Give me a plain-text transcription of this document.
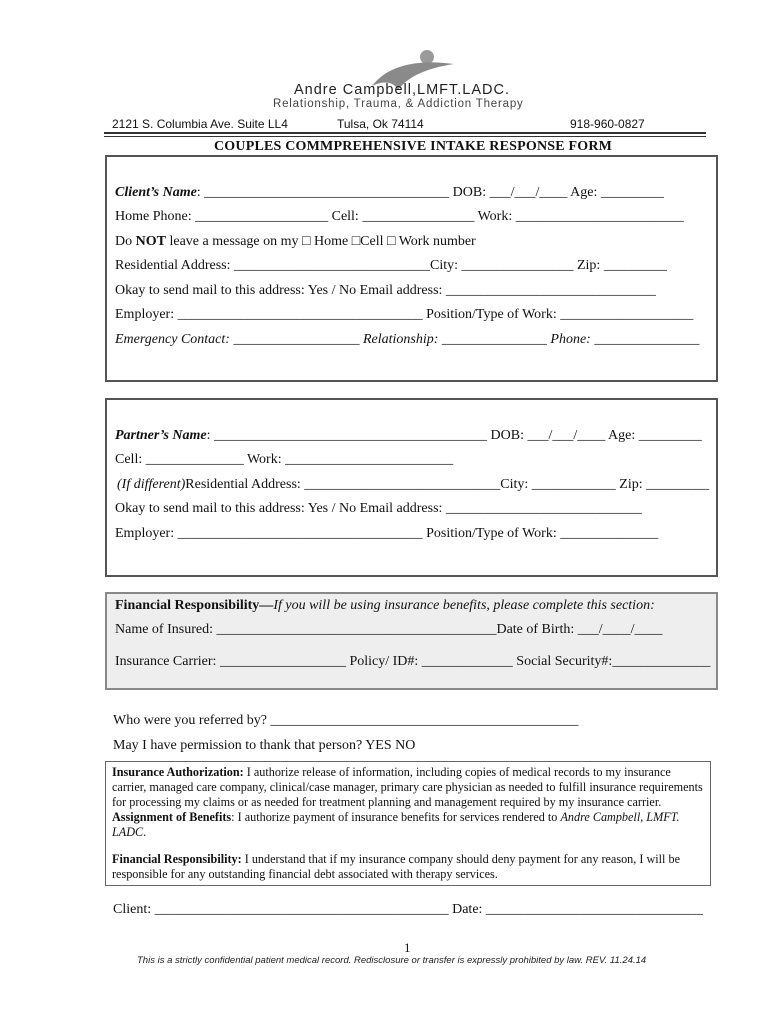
Andre Campbell,LMFT.LADC.
Relationship, Trauma, & Addiction Therapy
2121 S. Columbia Ave. Suite LL4	Tulsa, Ok 74114	918-960-0827
COUPLES COMMPREHENSIVE INTAKE RESPONSE FORM
Client’s Name: ___________________________________ DOB: ___/___/____ Age: _________
Home Phone: ___________________ Cell: ________________ Work: ________________________
Do NOT leave a message on my □ Home □Cell □ Work number
Residential Address: ____________________________City: ________________ Zip: _________
Okay to send mail to this address: Yes / No Email address: ______________________________
Employer: ___________________________________ Position/Type of Work: ___________________
Emergency Contact: __________________ Relationship: _______________ Phone: _______________
Partner’s Name: _______________________________________ DOB: ___/___/____ Age: _________
Cell: ______________ Work: ________________________
(If different)Residential Address: ____________________________City: ____________ Zip: _________
Okay to send mail to this address: Yes / No Email address: ____________________________
Employer: ___________________________________ Position/Type of Work: ______________
Financial Responsibility—If you will be using insurance benefits, please complete this section:
Name of Insured: ________________________________________Date of Birth: ___/____/____
Insurance Carrier: __________________ Policy/ ID#: _____________ Social Security#:______________
Who were you referred by? ____________________________________________
May I have permission to thank that person? YES NO
Insurance Authorization: I authorize release of information, including copies of medical records to my insurance carrier, managed care company, clinical/case manager, primary care physician as needed to fulfill insurance requirements for processing my claims or as needed for treatment planning and management required by my insurance carrier. Assignment of Benefits: I authorize payment of insurance benefits for services rendered to Andre Campbell, LMFT. LADC.
Financial Responsibility: I understand that if my insurance company should deny payment for any reason, I will be responsible for any outstanding financial debt associated with therapy services.
Client: __________________________________________ Date: _______________________________
1
This is a strictly confidential patient medical record. Redisclosure or transfer is expressly prohibited by law. REV. 11.24.14
